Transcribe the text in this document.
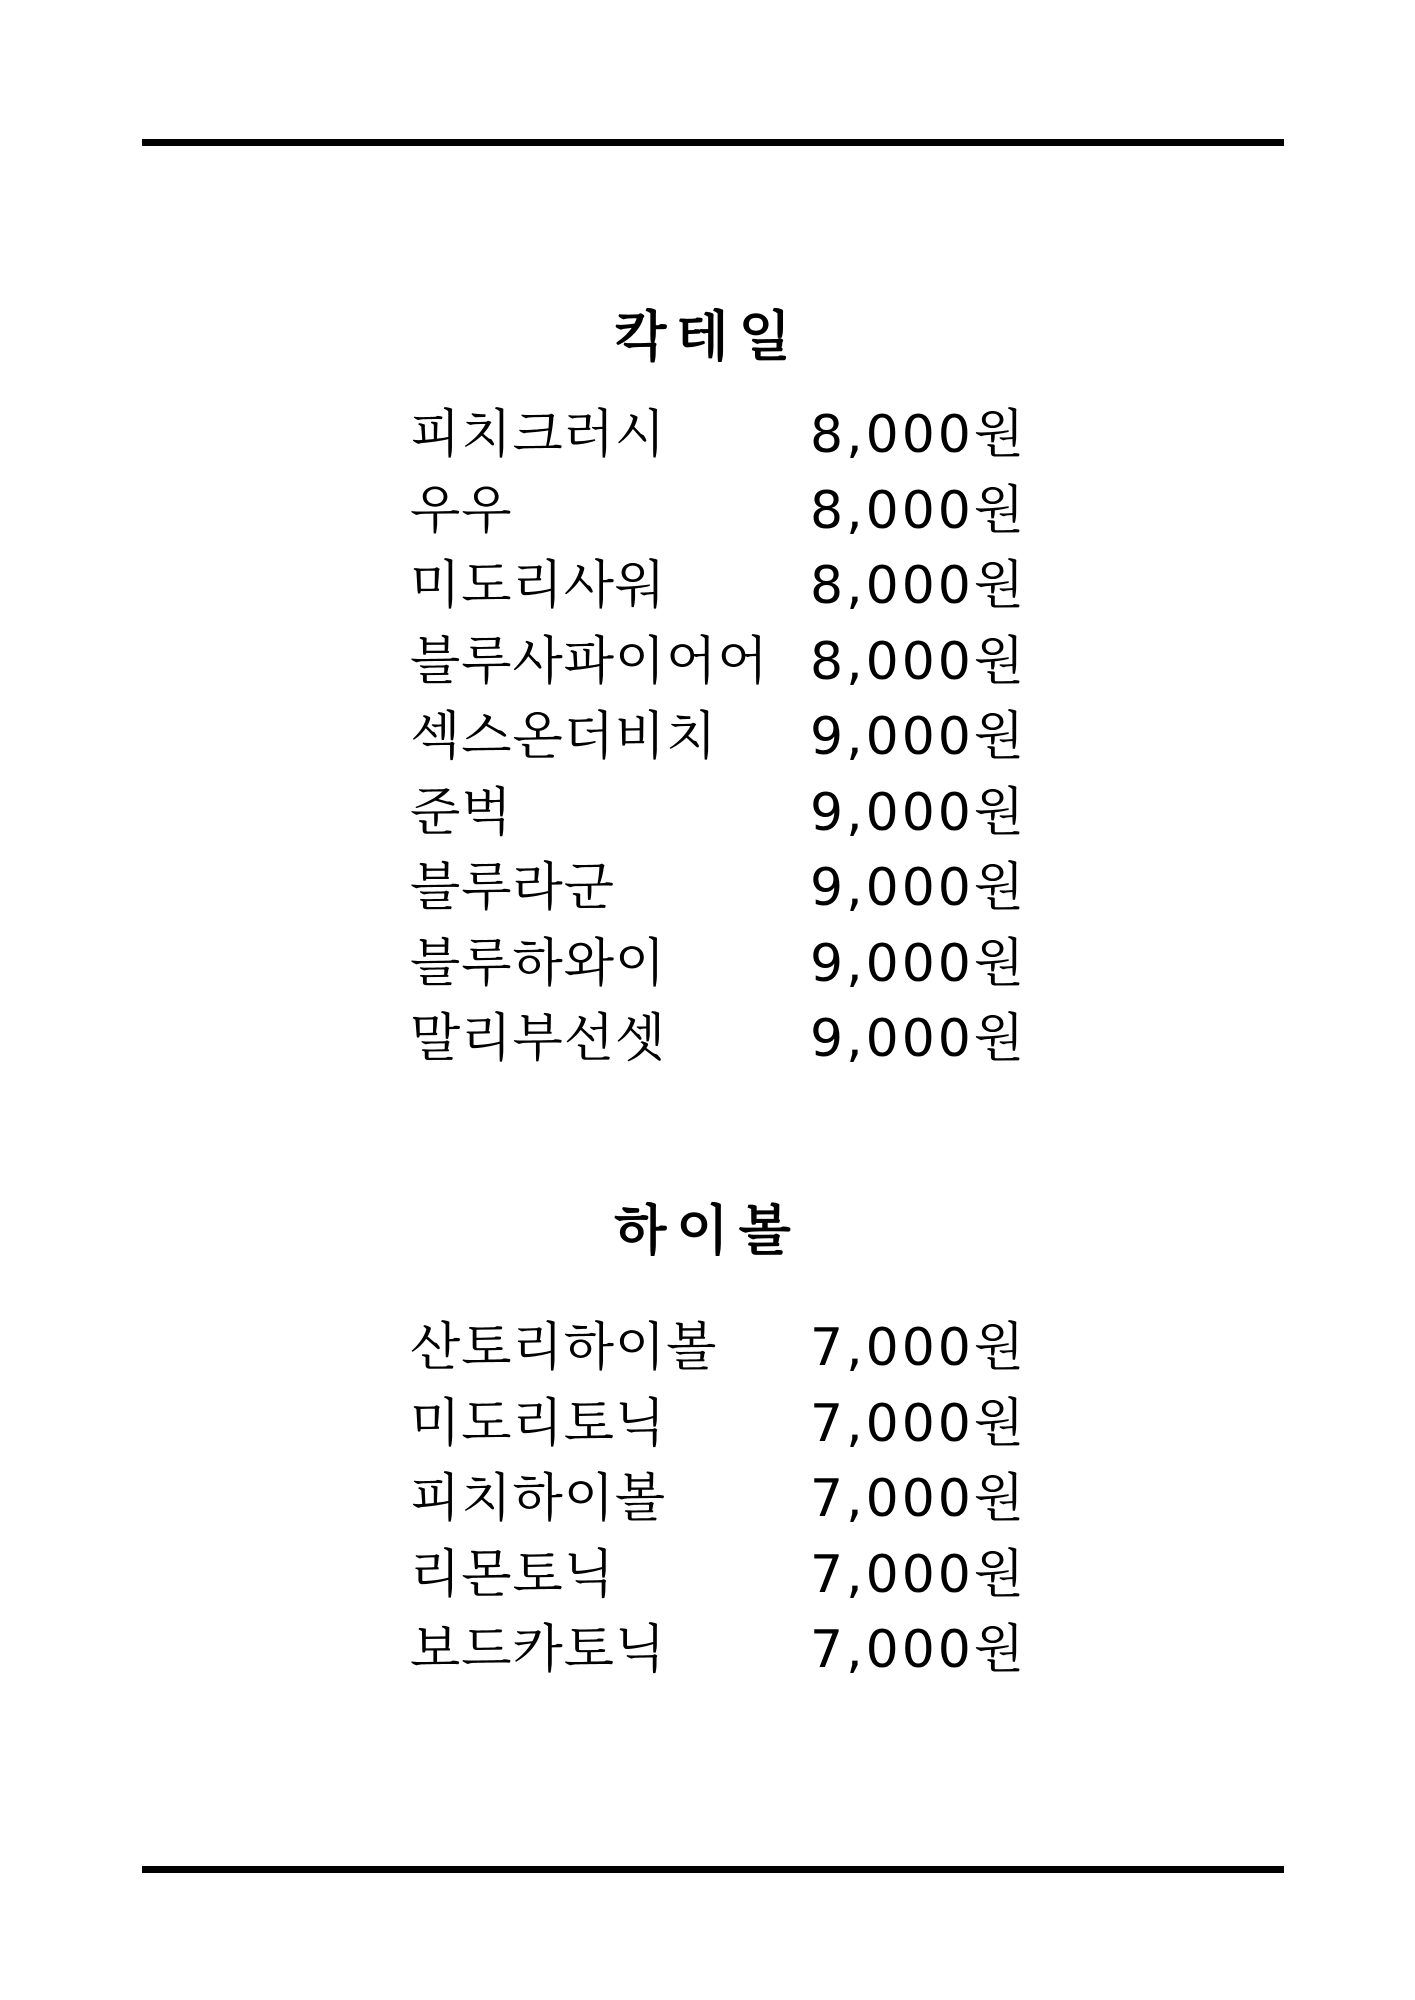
칵테일
피치크러시	8,000원
우우	8,000원
미도리사워	8,000원
블루사파이어어 8,000원
섹스온더비치 9,000원
준벅	9,000원
블루라군	9,000원
블루하와이	9,000원
말리부선셋	9,000원
하이볼
산토리하이볼 7,000원
미도리토닉	7,000원
피치하이볼	7,000원
리몬토닉	7,000원
보드카토닉	7,000원
